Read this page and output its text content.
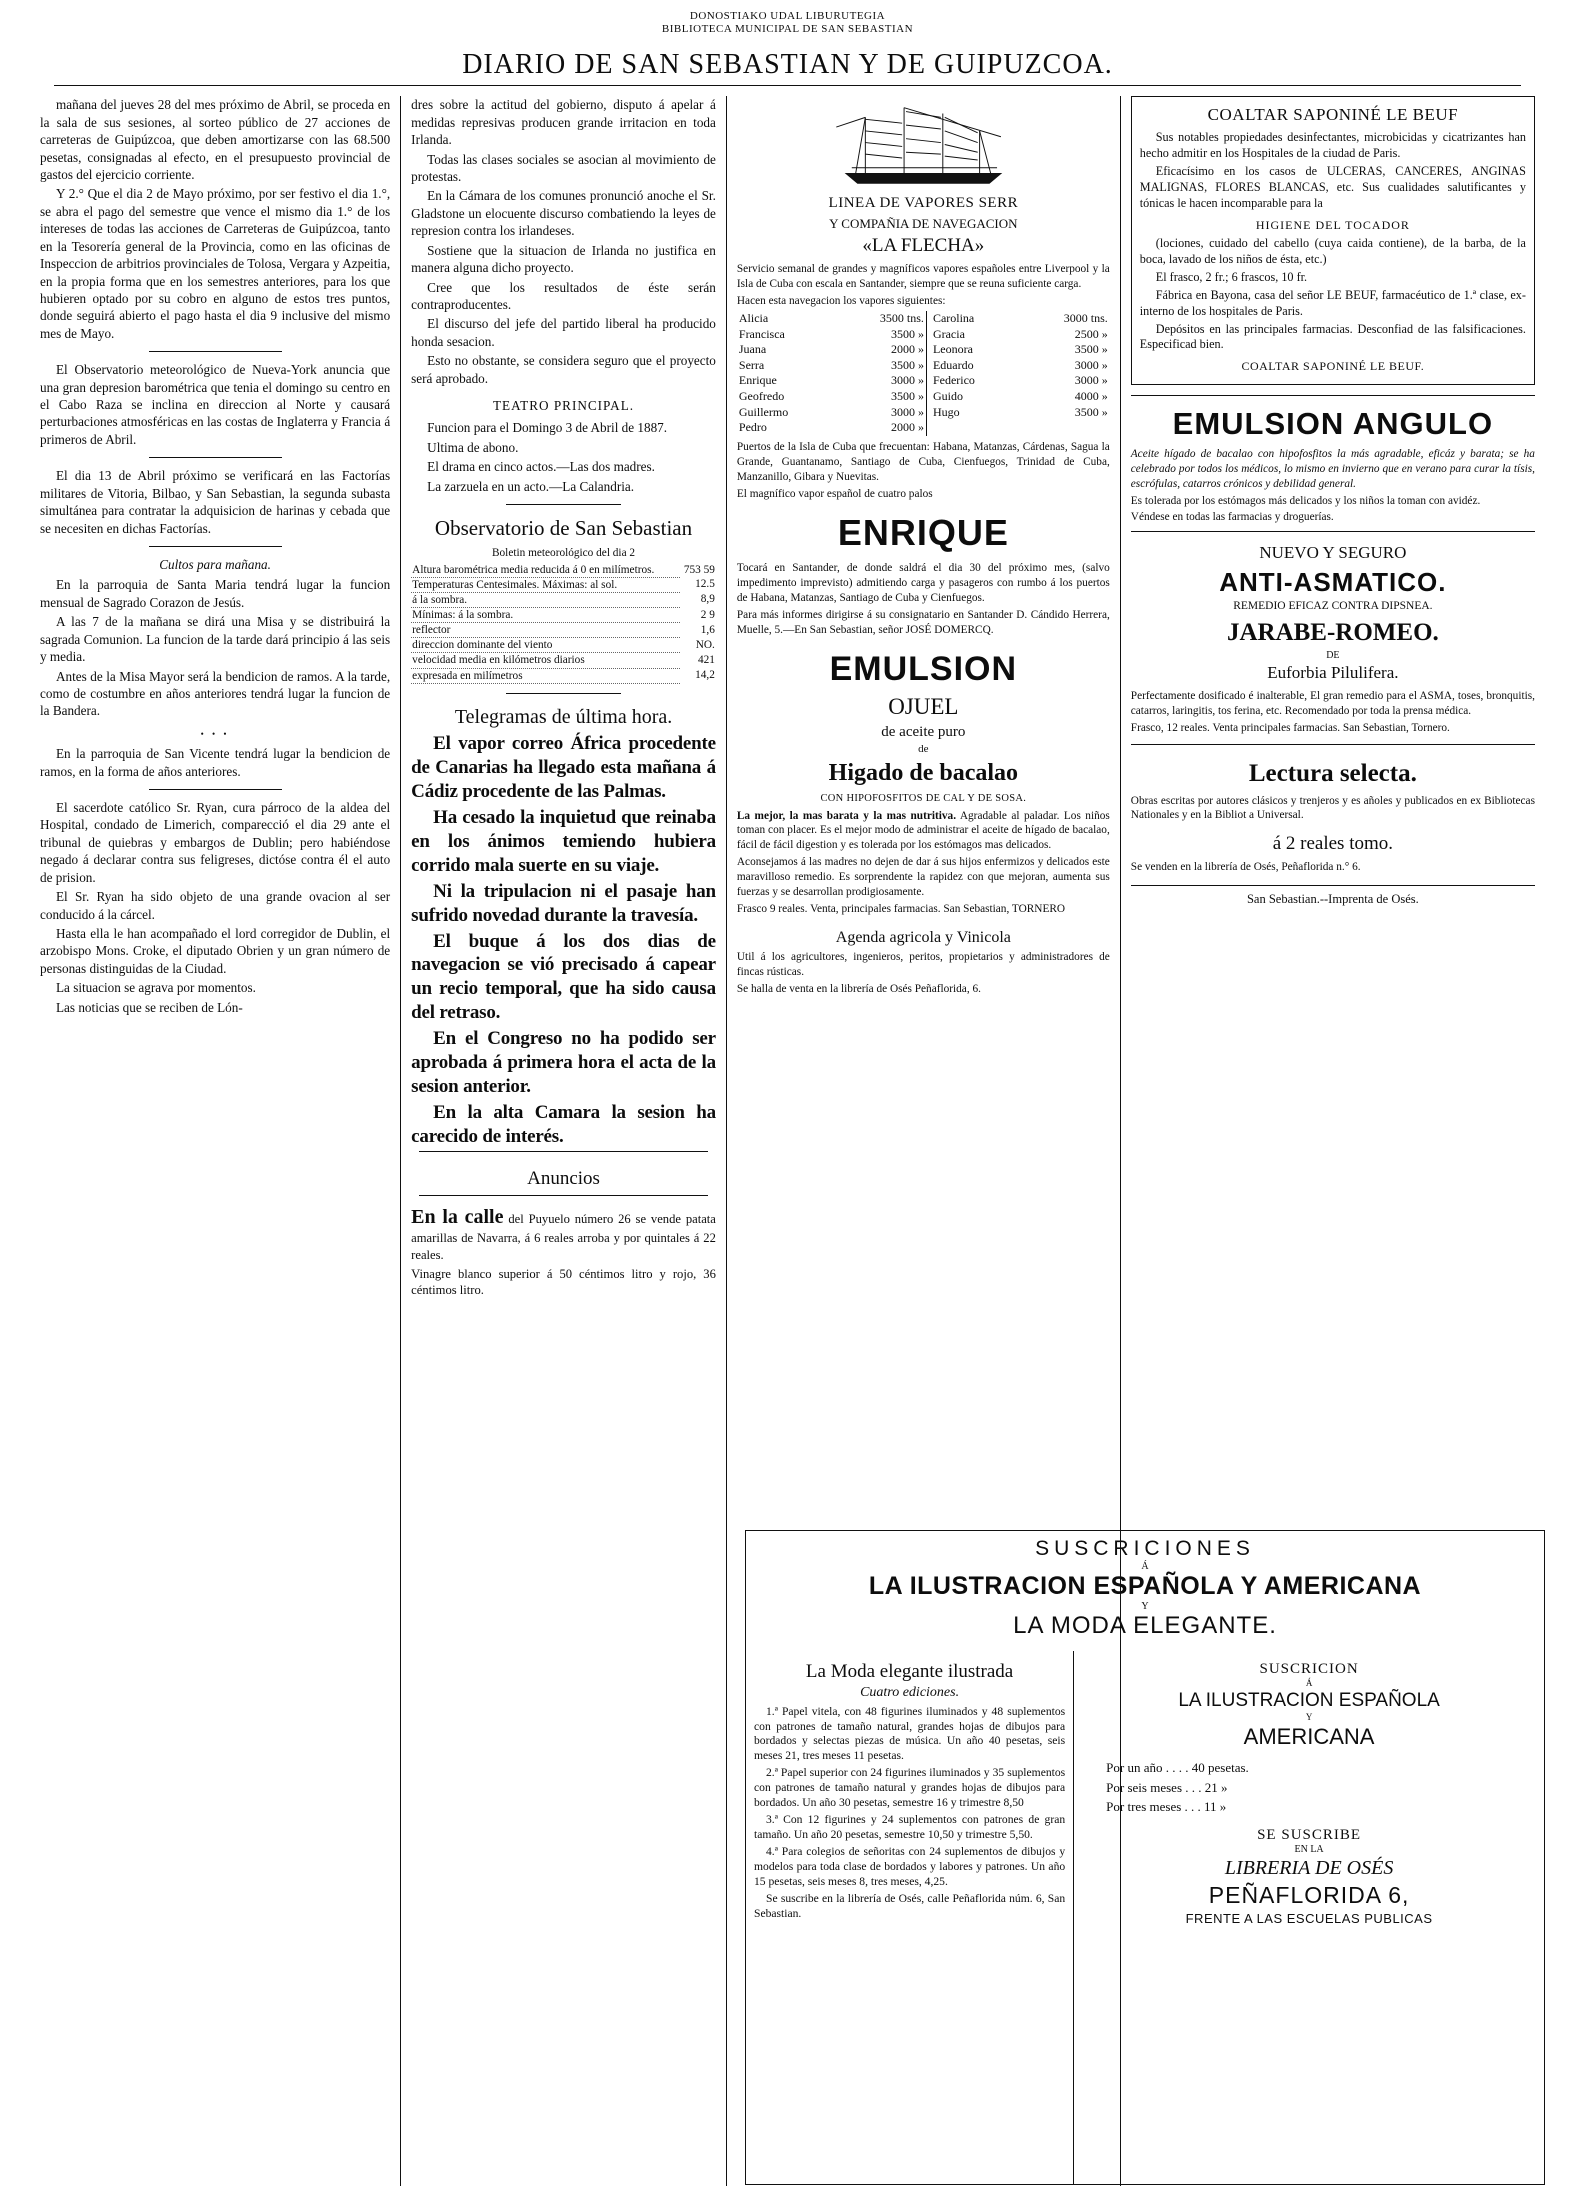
DONOSTIAKO UDAL LIBURUTEGIA
BIBLIOTECA MUNICIPAL DE SAN SEBASTIAN
DIARIO DE SAN SEBASTIAN Y DE GUIPUZCOA.

mañana del jueves 28 del mes próximo de Abril, se proceda en la sala de sus sesiones, al sorteo público de 27 acciones de carreteras de Guipúzcoa, que deben amortizarse con las 68.500 pesetas, consignadas al efecto, en el presupuesto provincial de gastos del ejercicio corriente.

Y 2.° Que el dia 2 de Mayo próximo, por ser festivo el dia 1.°, se abra el pago del semestre que vence el mismo dia 1.° de los intereses de todas las acciones de Carreteras de Guipúzcoa, tanto en la Tesorería general de la Provincia, como en las oficinas de Inspeccion de arbitrios provinciales de Tolosa, Vergara y Azpeitia, en la propia forma que en los semestres anteriores, para los que hubieren optado por su cobro en alguno de estos tres puntos, donde seguirá abierto el pago hasta el dia 9 inclusive del mismo mes de Mayo.

El Observatorio meteorológico de Nueva-York anuncia que una gran depresion barométrica que tenia el domingo su centro en el Cabo Raza se inclina en direccion al Norte y causará perturbaciones atmosféricas en las costas de Inglaterra y Francia á primeros de Abril.

El dia 13 de Abril próximo se verificará en las Factorías militares de Vitoria, Bilbao, y San Sebastian, la segunda subasta simultánea para contratar la adquisicion de harinas y cebada que se necesiten en dichas Factorías.

Cultos para mañana.

En la parroquia de Santa Maria tendrá lugar la funcion mensual de Sagrado Corazon de Jesús.

A las 7 de la mañana se dirá una Misa y se distribuirá la sagrada Comunion. La funcion de la tarde dará principio á las seis y media.

Antes de la Misa Mayor será la bendicion de ramos. A la tarde, como de costumbre en años anteriores tendrá lugar la funcion de la Bandera.

• • •

En la parroquia de San Vicente tendrá lugar la bendicion de ramos, en la forma de años anteriores.

El sacerdote católico Sr. Ryan, cura párroco de la aldea del Hospital, condado de Limerich, comparecció el dia 29 ante el tribunal de quiebras y embargos de Dublin; pero habiéndose negado á declarar contra sus feligreses, dictóse contra él el auto de prision.

El Sr. Ryan ha sido objeto de una grande ovacion al ser conducido á la cárcel.

Hasta ella le han acompañado el lord corregidor de Dublin, el arzobispo Mons. Croke, el diputado Obrien y un gran número de personas distinguidas de la Ciudad.

La situacion se agrava por momentos.

Las noticias que se reciben de Lón-

dres sobre la actitud del gobierno, disputo á apelar á medidas represivas producen grande irritacion en toda Irlanda.

Todas las clases sociales se asocian al movimiento de protestas.

En la Cámara de los comunes pronunció anoche el Sr. Gladstone un elocuente discurso combatiendo la leyes de represion contra los irlandeses.

Sostiene que la situacion de Irlanda no justifica en manera alguna dicho proyecto.

Cree que los resultados de éste serán contraproducentes.

El discurso del jefe del partido liberal ha producido honda sesacion.

Esto no obstante, se considera seguro que el proyecto será aprobado.

TEATRO PRINCIPAL.

Funcion para el Domingo 3 de Abril de 1887.

Ultima de abono.

El drama en cinco actos.—Las dos madres.

La zarzuela en un acto.—La Calandria.

Observatorio de San Sebastian

Boletin meteorológico del dia 2

Altura barométrica media reducida á 0 en milímetros.	753 59
Temperaturas Centesimales. Máximas: al sol.	12.5
á la sombra.	8,9
Mínimas: á la sombra.	2 9
reflector	1,6
direccion dominante del viento	NO.
velocidad media en kilómetros diarios	421
expresada en milímetros	14,2

Telegramas de última hora.

El vapor correo África procedente de Canarias ha llegado esta mañana á Cádiz procedente de las Palmas.

Ha cesado la inquietud que reinaba en los ánimos temiendo hubiera corrido mala suerte en su viaje.

Ni la tripulacion ni el pasaje han sufrido novedad durante la travesía.

El buque á los dos dias de navegacion se vió precisado á capear un recio temporal, que ha sido causa del retraso.

En el Congreso no ha podido ser aprobada á primera hora el acta de la sesion anterior.

En la alta Camara la sesion ha carecido de interés.

Anuncios

En la calle del Puyuelo número 26 se vende patata amarillas de Navarra, á 6 reales arroba y por quintales á 22 reales.

Vinagre blanco superior á 50 céntimos litro y rojo, 36 céntimos litro.

LINEA DE VAPORES SERR

Y COMPAÑIA DE NAVEGACION

«LA FLECHA»

Servicio semanal de grandes y magníficos vapores españoles entre Liverpool y la Isla de Cuba con escala en Santander, siempre que se reuna suficiente carga.

Hacen esta navegacion los vapores siguientes:

Alicia	3500 tns.	Carolina	3000 tns.
Francisca	3500 »	Gracia	2500 »
Juana	2000 »	Leonora	3500 »
Serra	3500 »	Eduardo	3000 »
Enrique	3000 »	Federico	3000 »
Geofredo	3500 »	Guido	4000 »
Guillermo	3000 »	Hugo	3500 »
Pedro	2000 »		

Puertos de la Isla de Cuba que frecuentan: Habana, Matanzas, Cárdenas, Sagua la Grande, Guantanamo, Santiago de Cuba, Cienfuegos, Trinidad de Cuba, Manzanillo, Gibara y Nuevitas.

El magnífico vapor español de cuatro palos

ENRIQUE

Tocará en Santander, de donde saldrá el dia 30 del próximo mes, (salvo impedimento imprevisto) admitiendo carga y pasageros con rumbo á los puertos de Habana, Matanzas, Santiago de Cuba y Cienfuegos.

Para más informes dirigirse á su consignatario en Santander D. Cándido Herrera, Muelle, 5.—En San Sebastian, señor JOSÉ DOMERCQ.

EMULSION

OJUEL

de aceite puro

de

Higado de bacalao

CON HIPOFOSFITOS DE CAL Y DE SOSA.

La mejor, la mas barata y la mas nutritiva. Agradable al paladar. Los niños toman con placer. Es el mejor modo de administrar el aceite de hígado de bacalao, fácil de fácil digestion y es tolerada por los estómagos mas delicados.

Aconsejamos á las madres no dejen de dar á sus hijos enfermizos y delicados este maravilloso remedio. Es sorprendente la rapidez con que mejoran, aumenta sus fuerzas y se desarrollan prodigiosamente.

Frasco 9 reales. Venta, principales farmacias. San Sebastian, TORNERO

Agenda agricola y Vinicola

Util á los agricultores, ingenieros, peritos, propietarios y administradores de fincas rústicas.

Se halla de venta en la librería de Osés Peñaflorida, 6.

COALTAR SAPONINÉ LE BEUF

Sus notables propiedades desinfectantes, microbicidas y cicatrizantes han hecho admitir en los Hospitales de la ciudad de Paris.

Eficacísimo en los casos de ULCERAS, CANCERES, ANGINAS MALIGNAS, FLORES BLANCAS, etc. Sus cualidades salutificantes y tónicas le hacen incomparable para la

HIGIENE DEL TOCADOR

(lociones, cuidado del cabello (cuya caida contiene), de la barba, de la boca, lavado de los niños de ésta, etc.)

El frasco, 2 fr.; 6 frascos, 10 fr.

Fábrica en Bayona, casa del señor LE BEUF, farmacéutico de 1.ª clase, ex-interno de los hospitales de Paris.

Depósitos en las principales farmacias. Desconfiad de las falsificaciones. Especificad bien.

COALTAR SAPONINÉ LE BEUF.

EMULSION ANGULO

Aceite hígado de bacalao con hipofosfitos la más agradable, eficáz y barata; se ha celebrado por todos los médicos, lo mismo en invierno que en verano para curar la tísis, escrófulas, catarros crónicos y debilidad general.

Es tolerada por los estómagos más delicados y los niños la toman con avidéz.

Véndese en todas las farmacias y droguerías.

NUEVO Y SEGURO

ANTI-ASMATICO.

REMEDIO EFICAZ CONTRA DIPSNEA.

JARABE-ROMEO.

DE

Euforbia Pilulifera.

Perfectamente dosificado é inalterable, El gran remedio para el ASMA, toses, bronquitis, catarros, laringitis, tos ferina, etc. Recomendado por toda la prensa médica.

Frasco, 12 reales. Venta principales farmacias. San Sebastian, Tornero.

Lectura selecta.

Obras escritas por autores clásicos y trenjeros y es añoles y publicados en ex Bibliotecas Nationales y en la Bibliot a Universal.

á 2 reales tomo.

Se venden en la librería de Osés, Peñaflorida n.° 6.

San Sebastian.--Imprenta de Osés.

SUSCRICIONES

Á

LA ILUSTRACION ESPAÑOLA Y AMERICANA

Y

LA MODA ELEGANTE.

La Moda elegante ilustrada

Cuatro ediciones.

1.ª Papel vitela, con 48 figurines iluminados y 48 suplementos con patrones de tamaño natural, grandes hojas de dibujos para bordados y selectas piezas de música. Un año 40 pesetas, seis meses 21, tres meses 11 pesetas.

2.ª Papel superior con 24 figurines iluminados y 35 suplementos con patrones de tamaño natural y grandes hojas de dibujos para bordados. Un año 30 pesetas, semestre 16 y trimestre 8,50

3.ª Con 12 figurines y 24 suplementos con patrones de gran tamaño. Un año 20 pesetas, semestre 10,50 y trimestre 5,50.

4.ª Para colegios de señoritas con 24 suplementos de dibujos y modelos para toda clase de bordados y labores y patrones. Un año 15 pesetas, seis meses 8, tres meses, 4,25.

Se suscribe en la librería de Osés, calle Peñaflorida núm. 6, San Sebastian.

SUSCRICION

Á

LA ILUSTRACION ESPAÑOLA

Y

AMERICANA

Por un año . . . . 40 pesetas.

Por seis meses . . . 21 »

Por tres meses . . . 11 »

SE SUSCRIBE

EN LA

LIBRERIA DE OSÉS

PEÑAFLORIDA 6,

FRENTE A LAS ESCUELAS PUBLICAS
